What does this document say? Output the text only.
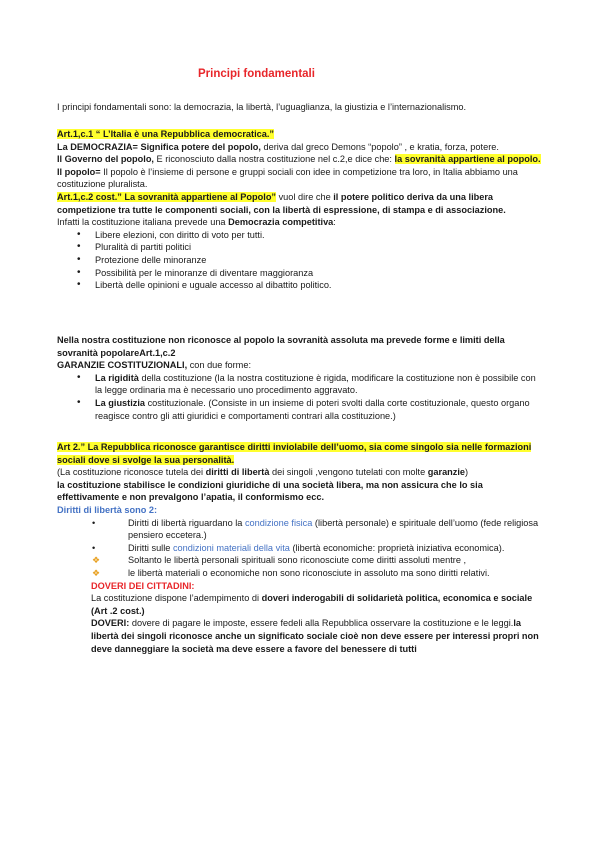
Principi fondamentali

I principi fondamentali sono: la democrazia, la libertà, l’uguaglianza, la giustizia e l’internazionalismo.

Art.1,c.1 “ L’Italia è una Repubblica democratica.”

La DEMOCRAZIA= Significa potere del popolo, deriva dal greco Demons “popolo” , e kratia, forza, potere.

Il Governo del popolo, E riconosciuto dalla nostra costituzione nel c.2,e dice che: la sovranità appartiene al popolo.

Il popolo= Il popolo è l’insieme di persone e gruppi sociali con idee in competizione tra loro, in Italia abbiamo una costituzione pluralista.

Art.1,c.2 cost.” La sovranità appartiene al Popolo” vuol dire che il potere politico deriva da una libera competizione tra tutte le componenti sociali, con la libertà di espressione, di stampa e di associazione.

Infatti la costituzione italiana prevede una Democrazia competitiva:

• Libere elezioni, con diritto di voto per tutti.
• Pluralità di partiti politici
• Protezione delle minoranze
• Possibilità per le minoranze di diventare maggioranza
• Libertà delle opinioni e uguale accesso al dibattito politico.

Nella nostra costituzione non riconosce al popolo la sovranità assoluta ma prevede forme e limiti della sovranità popolareArt.1,c.2

GARANZIE COSTITUZIONALI, con due forme:

• La rigidità della costituzione (la la nostra costituzione è rigida, modificare la costituzione non è possibile con la legge ordinaria ma è necessario uno procedimento aggravato.
• La giustizia costituzionale. (Consiste in un insieme di poteri svolti dalla corte costituzionale, questo organo reagisce contro gli atti giuridici e comportamenti contrari alla costituzione.)

Art 2.” La Repubblica riconosce garantisce diritti inviolabile dell’uomo, sia come singolo sia nelle formazioni sociali dove si svolge la sua personalità.

(La costituzione riconosce tutela dei diritti di libertà dei singoli ,vengono tutelati con molte garanzie)

la costituzione stabilisce le condizioni giuridiche di una società libera, ma non assicura che lo sia effettivamente e non prevalgono l’apatia, il conformismo ecc.

Diritti di libertà sono 2:

•	Diritti di libertà riguardano la condizione fisica (libertà personale) e spirituale dell’uomo (fede religiosa pensiero eccetera.)
•	Diritti sulle condizioni materiali della vita (libertà economiche: proprietà iniziativa economica).
❖	Soltanto le libertà personali spirituali sono riconosciute come diritti assoluti mentre ,
❖	le libertà materiali o economiche non sono riconosciute in assoluto ma sono diritti relativi.

DOVERI DEI CITTADINI:

La costituzione dispone l’adempimento di doveri inderogabili di solidarietà politica, economica e sociale (Art .2 cost.)

DOVERI: dovere di pagare le imposte, essere fedeli alla Repubblica osservare la costituzione e le leggi.la libertà dei singoli riconosce anche un significato sociale cioè non deve essere per interessi propri non deve danneggiare la società ma deve essere a favore del benessere di tutti
